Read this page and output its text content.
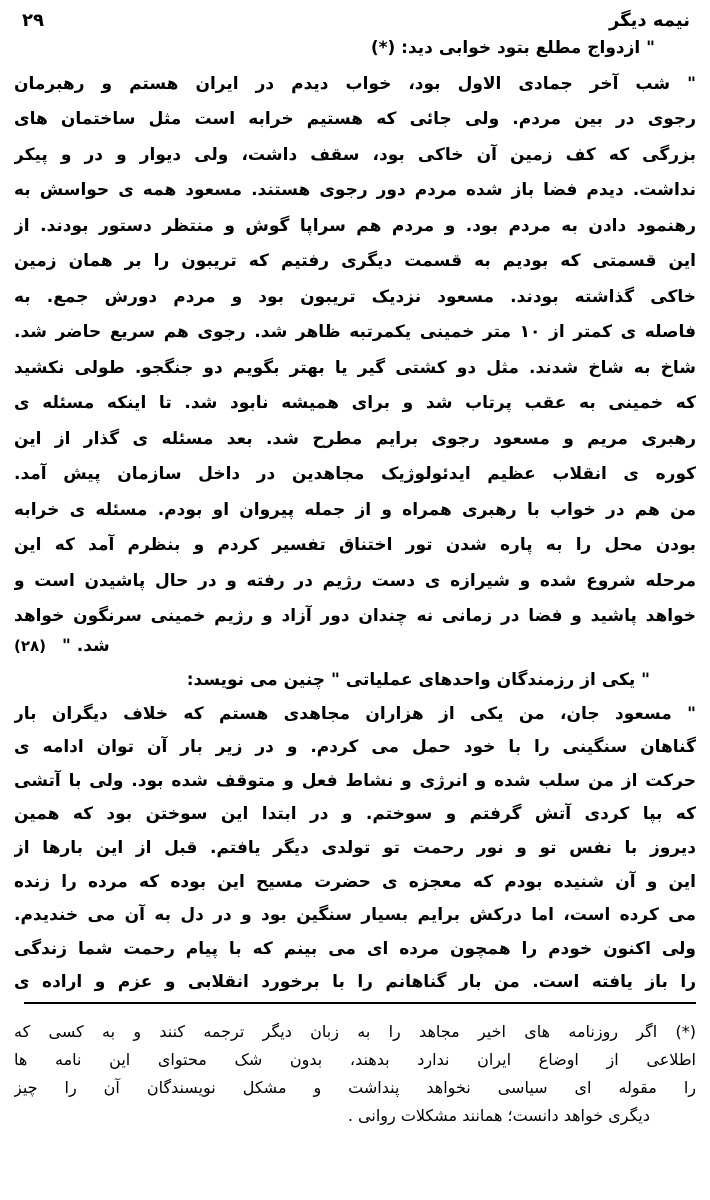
نیمه دیگر
۲۹
" ازدواج مطلع بتود خوابی دید: (*)
" شب آخر جمادی الاول بود، خواب دیدم در ایران هستم و رهبرمان
رجوی در بین مردم. ولی جائی که هستیم خرابه است مثل ساختمان های
بزرگی که کف زمین آن خاکی بود، سقف داشت، ولی دیوار و در و پیکر
نداشت. دیدم فضا باز شده مردم دور رجوی هستند. مسعود همه ی حواسش به
رهنمود دادن به مردم بود. و مردم هم سراپا گوش و منتظر دستور بودند. از
این قسمتی که بودیم به قسمت دیگری رفتیم که تریبون را بر همان زمین
خاکی گذاشته بودند. مسعود نزدیک تریبون بود و مردم دورش جمع. به
فاصله ی کمتر از ۱۰ متر خمینی یکمرتبه ظاهر شد. رجوی هم سریع حاضر شد.
شاخ به شاخ شدند. مثل دو کشتی گیر یا بهتر بگویم دو جنگجو. طولی نکشید
که خمینی به عقب پرتاب شد و برای همیشه نابود شد. تا اینکه مسئله ی
رهبری مریم و مسعود رجوی برایم مطرح شد. بعد مسئله ی گذار از این
کوره ی انقلاب عظیم ایدئولوژیک مجاهدین در داخل سازمان پیش آمد.
من هم در خواب با رهبری همراه و از جمله پیروان او بودم. مسئله ی خرابه
بودن محل را به پاره شدن تور اختناق تفسیر کردم و بنظرم آمد که این
مرحله شروع شده و شیرازه ی دست رژیم در رفته و در حال پاشیدن است و
خواهد پاشید و فضا در زمانی نه چندان دور آزاد و رژیم خمینی سرنگون خواهد
شد. "
" یکی از رزمندگان واحدهای عملیاتی " چنین می نویسد:
" مسعود جان، من یکی از هزاران مجاهدی هستم که خلاف دیگران بار
گناهان سنگینی را با خود حمل می کردم. و در زیر بار آن توان ادامه ی
حرکت از من سلب شده و انرژی و نشاط فعل و متوقف شده بود. ولی با آتشی
که بپا کردی آتش گرفتم و سوختم. و در ابتدا این سوختن بود که همین
دیروز با نفس تو و نور رحمت تو تولدی دیگر یافتم. قبل از این بارها از
این و آن شنیده بودم که معجزه ی حضرت مسیح این بوده که مرده را زنده
می کرده است، اما درکش برایم بسیار سنگین بود و در دل به آن می خندیدم.
ولی اکنون خودم را همچون مرده ای می بینم که با پیام رحمت شما زندگی
را باز یافته است. من بار گناهانم را با برخورد انقلابی و عزم و اراده ی
(۲۸)
(*) اگر روزنامه های اخیر مجاهد را به زبان دیگر ترجمه کنند و به کسی که
اطلاعی از اوضاع ایران ندارد بدهند، بدون شک محتوای این نامه ها
را مقوله ای سیاسی نخواهد پنداشت و مشکل نویسندگان آن را چیز
دیگری خواهد دانست؛ همانند مشکلات روانی .
